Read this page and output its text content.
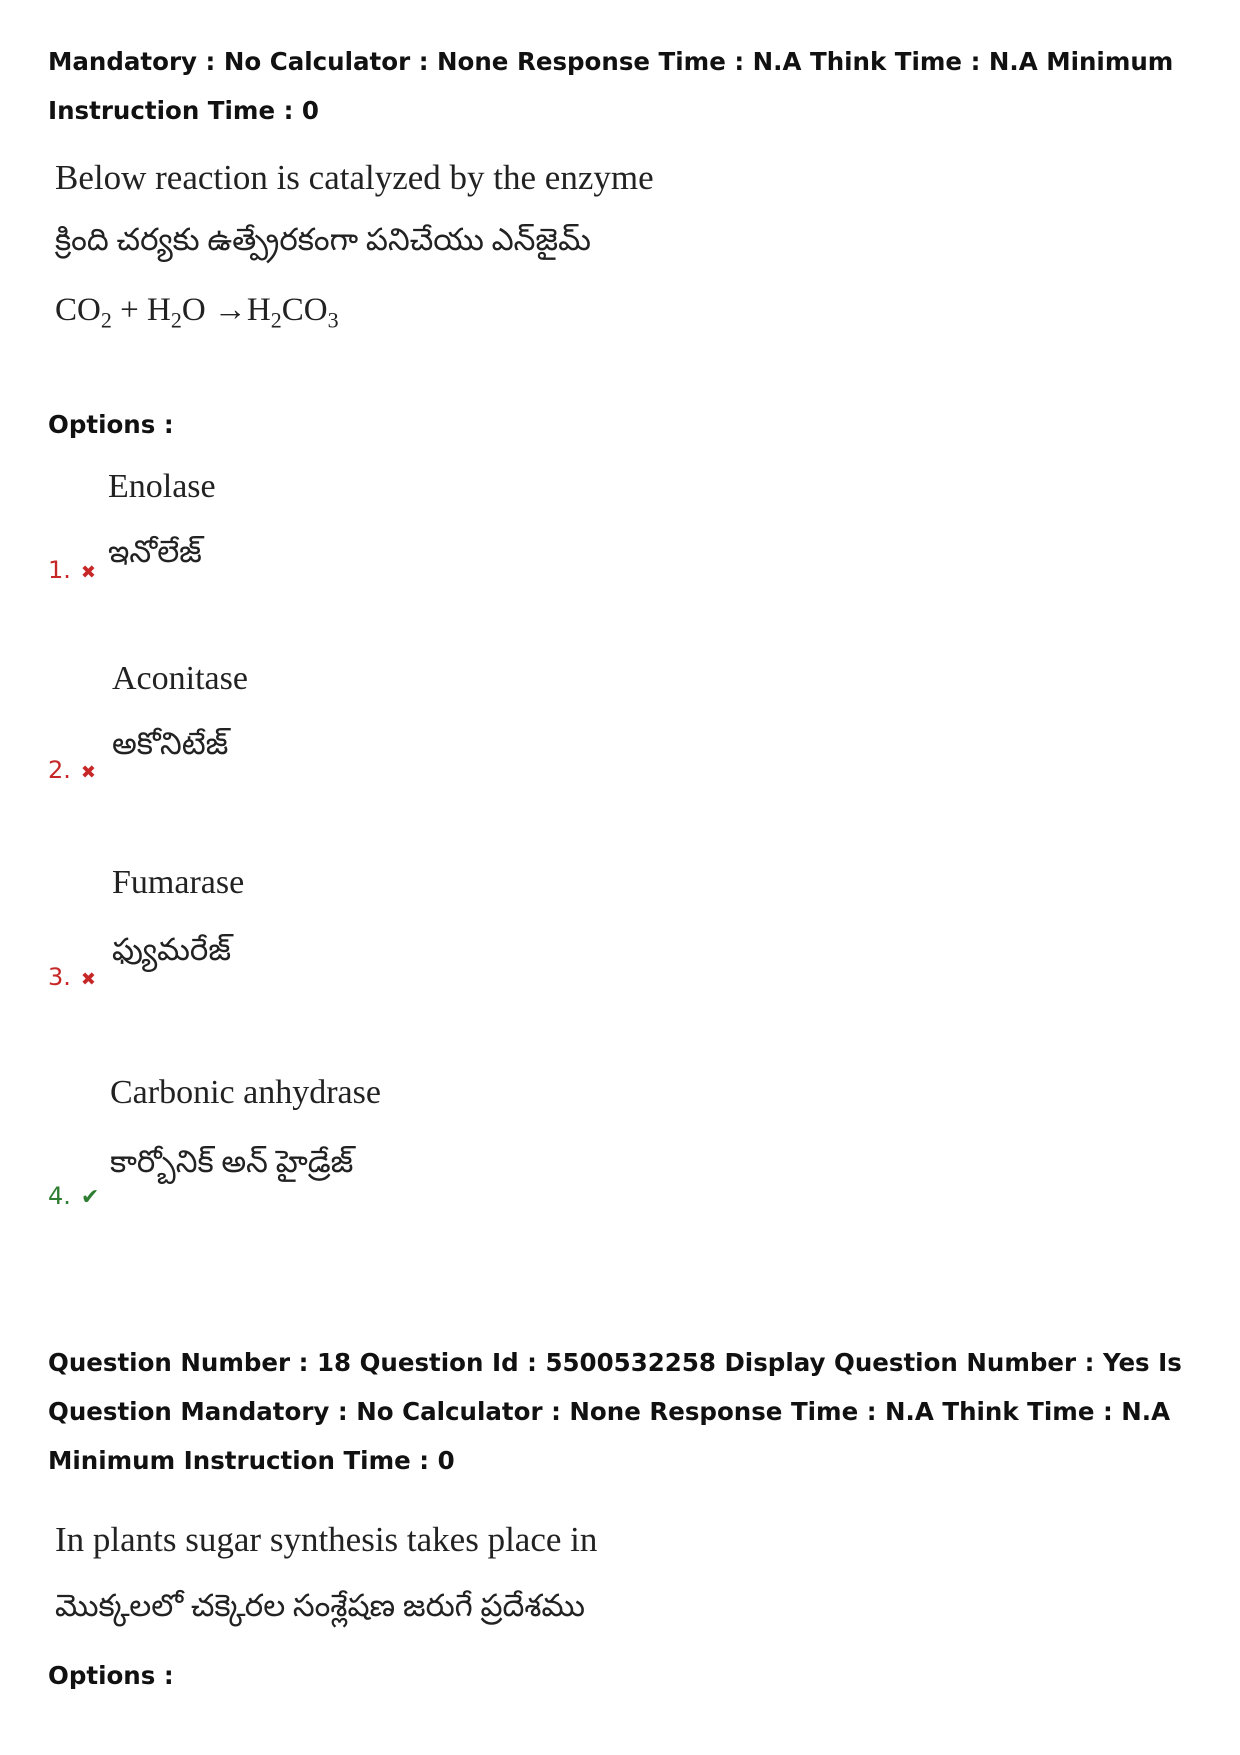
Mandatory : No Calculator : None Response Time : N.A Think Time : N.A Minimum Instruction Time : 0

Below reaction is catalyzed by the enzyme

క్రింది చర్యకు ఉత్ప్రేరకంగా పనిచేయు ఎన్‌జైమ్

$CO_2 + H_2O \to H_2CO_3$

Options :

Enolase

ఇనోలేజ్

1. ✖

Aconitase

అకోనిటేజ్

2. ✖

Fumarase

ఫ్యుమరేజ్

3. ✖

Carbonic anhydrase

కార్బోనిక్ అన్ హైడ్రేజ్

4. ✔

Question Number : 18 Question Id : 5500532258 Display Question Number : Yes Is Question Mandatory : No Calculator : None Response Time : N.A Think Time : N.A Minimum Instruction Time : 0

In plants sugar synthesis takes place in

మొక్కలలో చక్కెరల సంశ్లేషణ జరుగే ప్రదేశము

Options :
